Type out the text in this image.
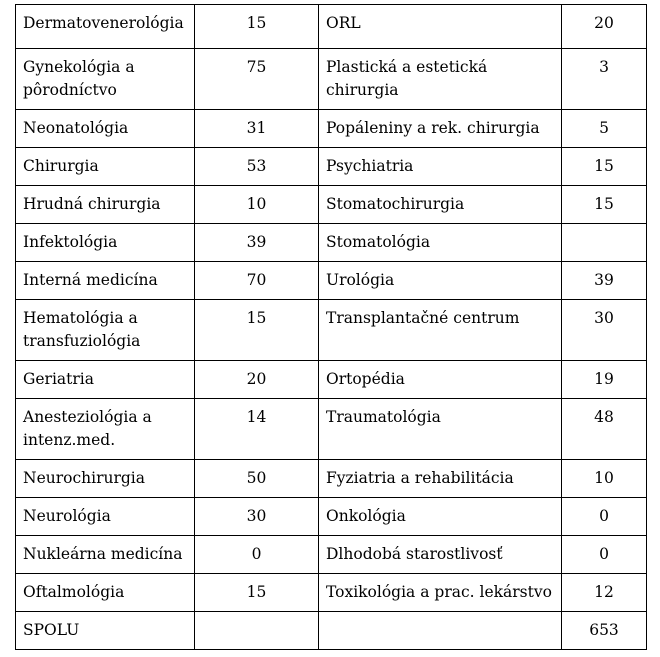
Dermatovenerológia	15	ORL	20
Gynekológia a pôrodníctvo	75	Plastická a estetická chirurgia	3
Neonatológia	31	Popáleniny a rek. chirurgia	5
Chirurgia	53	Psychiatria	15
Hrudná chirurgia	10	Stomatochirurgia	15
Infektológia	39	Stomatológia	
Interná medicína	70	Urológia	39
Hematológia a transfuziológia	15	Transplantačné centrum	30
Geriatria	20	Ortopédia	19
Anesteziológia a intenz.med.	14	Traumatológia	48
Neurochirurgia	50	Fyziatria a rehabilitácia	10
Neurológia	30	Onkológia	0
Nukleárna medicína	0	Dlhodobá starostlivosť	0
Oftalmológia	15	Toxikológia a prac. lekárstvo	12
SPOLU			653
